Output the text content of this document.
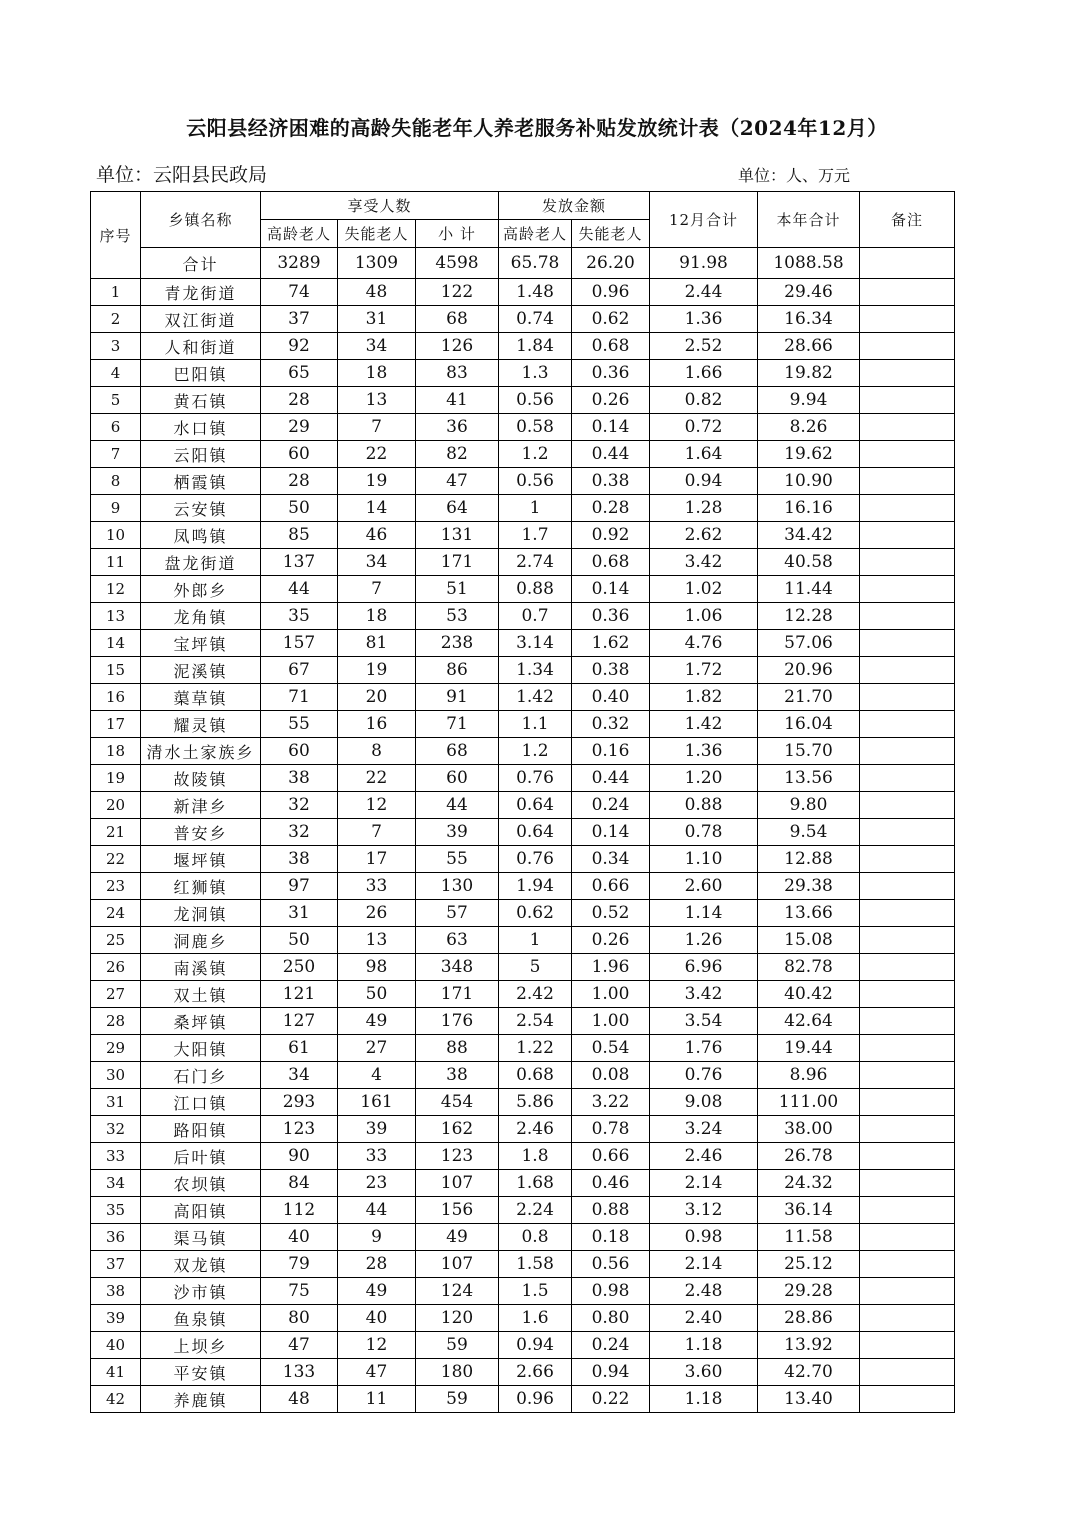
云阳县经济困难的高龄失能老年人养老服务补贴发放统计表（2024年12月）
单位：云阳县民政局	单位：人、万元
序号	乡镇名称	享受人数			发放金额		12月合计	本年合计	备注
		高龄老人	失能老人	小 计	高龄老人	失能老人			
	合计	3289	1309	4598	65.78	26.20	91.98	1088.58	
1	青龙街道	74	48	122	1.48	0.96	2.44	29.46	
2	双江街道	37	31	68	0.74	0.62	1.36	16.34	
3	人和街道	92	34	126	1.84	0.68	2.52	28.66	
4	巴阳镇	65	18	83	1.3	0.36	1.66	19.82	
5	黄石镇	28	13	41	0.56	0.26	0.82	9.94	
6	水口镇	29	7	36	0.58	0.14	0.72	8.26	
7	云阳镇	60	22	82	1.2	0.44	1.64	19.62	
8	栖霞镇	28	19	47	0.56	0.38	0.94	10.90	
9	云安镇	50	14	64	1	0.28	1.28	16.16	
10	凤鸣镇	85	46	131	1.7	0.92	2.62	34.42	
11	盘龙街道	137	34	171	2.74	0.68	3.42	40.58	
12	外郎乡	44	7	51	0.88	0.14	1.02	11.44	
13	龙角镇	35	18	53	0.7	0.36	1.06	12.28	
14	宝坪镇	157	81	238	3.14	1.62	4.76	57.06	
15	泥溪镇	67	19	86	1.34	0.38	1.72	20.96	
16	蕖草镇	71	20	91	1.42	0.40	1.82	21.70	
17	耀灵镇	55	16	71	1.1	0.32	1.42	16.04	
18	清水土家族乡	60	8	68	1.2	0.16	1.36	15.70	
19	故陵镇	38	22	60	0.76	0.44	1.20	13.56	
20	新津乡	32	12	44	0.64	0.24	0.88	9.80	
21	普安乡	32	7	39	0.64	0.14	0.78	9.54	
22	堰坪镇	38	17	55	0.76	0.34	1.10	12.88	
23	红狮镇	97	33	130	1.94	0.66	2.60	29.38	
24	龙洞镇	31	26	57	0.62	0.52	1.14	13.66	
25	洞鹿乡	50	13	63	1	0.26	1.26	15.08	
26	南溪镇	250	98	348	5	1.96	6.96	82.78	
27	双土镇	121	50	171	2.42	1.00	3.42	40.42	
28	桑坪镇	127	49	176	2.54	1.00	3.54	42.64	
29	大阳镇	61	27	88	1.22	0.54	1.76	19.44	
30	石门乡	34	4	38	0.68	0.08	0.76	8.96	
31	江口镇	293	161	454	5.86	3.22	9.08	111.00	
32	路阳镇	123	39	162	2.46	0.78	3.24	38.00	
33	后叶镇	90	33	123	1.8	0.66	2.46	26.78	
34	农坝镇	84	23	107	1.68	0.46	2.14	24.32	
35	高阳镇	112	44	156	2.24	0.88	3.12	36.14	
36	渠马镇	40	9	49	0.8	0.18	0.98	11.58	
37	双龙镇	79	28	107	1.58	0.56	2.14	25.12	
38	沙市镇	75	49	124	1.5	0.98	2.48	29.28	
39	鱼泉镇	80	40	120	1.6	0.80	2.40	28.86	
40	上坝乡	47	12	59	0.94	0.24	1.18	13.92	
41	平安镇	133	47	180	2.66	0.94	3.60	42.70	
42	养鹿镇	48	11	59	0.96	0.22	1.18	13.40	
